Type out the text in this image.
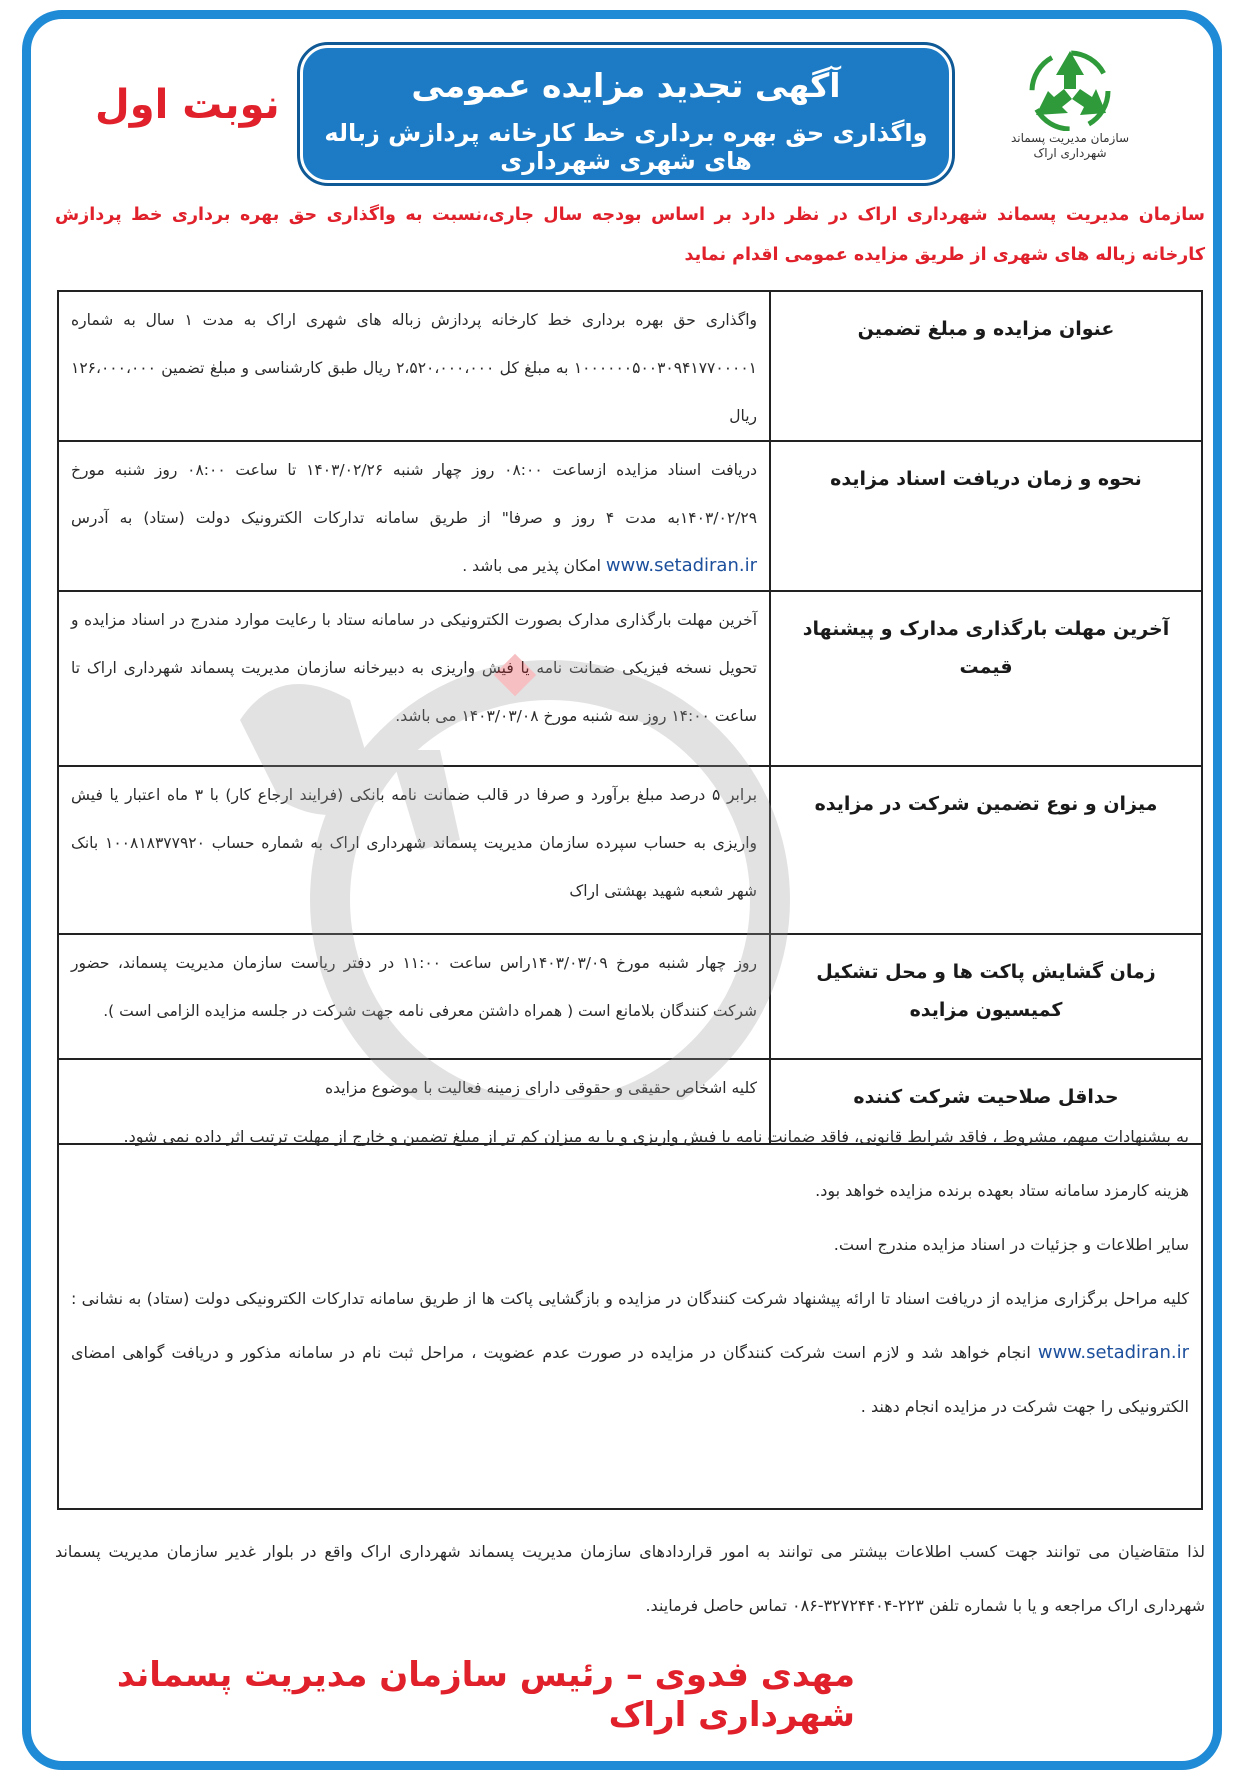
نوبت اول	آگهی تجدید مزایده عمومی
واگذاری حق بهره برداری خط کارخانه پردازش زباله های شهری شهرداری
سازمان مدیریت پسماند
شهرداری اراک
سازمان مدیریت پسماند شهرداری اراک در نظر دارد بر اساس بودجه سال جاری،نسبت به واگذاری حق بهره برداری خط پردازش کارخانه زباله های شهری از طریق مزایده عمومی اقدام نماید
عنوان مزایده و مبلغ تضمین	واگذاری حق بهره برداری خط کارخانه پردازش زباله های شهری اراک به مدت ۱ سال به شماره ۱۰۰۰۰۰۰۵۰۰۳۰۹۴۱۷۷۰۰۰۰۱ به مبلغ کل ۲،۵۲۰،۰۰۰،۰۰۰ ریال طبق کارشناسی و مبلغ تضمین ۱۲۶،۰۰۰،۰۰۰ ریال
نحوه و زمان دریافت اسناد مزایده	دریافت اسناد مزایده ازساعت ۰۸:۰۰ روز چهار شنبه ۱۴۰۳/۰۲/۲۶ تا ساعت ۰۸:۰۰ روز شنبه مورخ ۱۴۰۳/۰۲/۲۹به مدت ۴ روز و صرفا" از طریق سامانه تدارکات الکترونیک دولت (ستاد) به آدرس www.setadiran.ir امکان پذیر می باشد .
آخرین مهلت بارگذاری مدارک و پیشنهاد قیمت	آخرین مهلت بارگذاری مدارک بصورت الکترونیکی در سامانه ستاد با رعایت موارد مندرج در اسناد مزایده و تحویل نسخه فیزیکی ضمانت نامه یا فیش واریزی به دبیرخانه سازمان مدیریت پسماند شهرداری اراک تا ساعت ۱۴:۰۰ روز سه شنبه مورخ ۱۴۰۳/۰۳/۰۸ می باشد.
میزان و نوع تضمین شرکت در مزایده	برابر ۵ درصد مبلغ برآورد و صرفا در قالب ضمانت نامه بانکی (فرایند ارجاع کار) با ۳ ماه اعتبار یا فیش واریزی به حساب سپرده سازمان مدیریت پسماند شهرداری اراک به شماره حساب ۱۰۰۸۱۸۳۷۷۹۲۰ بانک شهر شعبه شهید بهشتی اراک
زمان گشایش پاکت ها و محل تشکیل کمیسیون مزایده	روز چهار شنبه مورخ ۱۴۰۳/۰۳/۰۹راس ساعت ۱۱:۰۰ در دفتر ریاست سازمان مدیریت پسماند، حضور شرکت کنندگان بلامانع است ( همراه داشتن معرفی نامه جهت شرکت در جلسه مزایده الزامی است ).
حداقل صلاحیت شرکت کننده	کلیه اشخاص حقیقی و حقوقی دارای زمینه فعالیت با موضوع مزایده

به پیشنهادات مبهم، مشروط ، فاقد شرایط قانونی، فاقد ضمانت نامه یا فیش واریزی و یا به میزان کم تر از مبلغ تضمین و خارج از مهلت ترتیب اثر داده نمی شود.

هزینه کارمزد سامانه ستاد بعهده برنده مزایده خواهد بود.

سایر اطلاعات و جزئیات در اسناد مزایده مندرج است.

کلیه مراحل برگزاری مزایده از دریافت اسناد تا ارائه پیشنهاد شرکت کنندگان در مزایده و بازگشایی پاکت ها از طریق سامانه تدارکات الکترونیکی دولت (ستاد) به نشانی : www.setadiran.ir انجام خواهد شد و لازم است شرکت کنندگان در مزایده در صورت عدم عضویت ، مراحل ثبت نام در سامانه مذکور و دریافت گواهی امضای الکترونیکی را جهت شرکت در مزایده انجام دهند .

لذا متقاضیان می توانند جهت کسب اطلاعات بیشتر می توانند به امور قراردادهای سازمان مدیریت پسماند شهرداری اراک واقع در بلوار غدیر سازمان مدیریت پسماند شهرداری اراک مراجعه و یا با شماره تلفن ۲۲۳-۳۲۷۲۴۴۰۴-۰۸۶ تماس حاصل فرمایند.
مهدی فدوی – رئیس سازمان مدیریت پسماند شهرداری اراک
